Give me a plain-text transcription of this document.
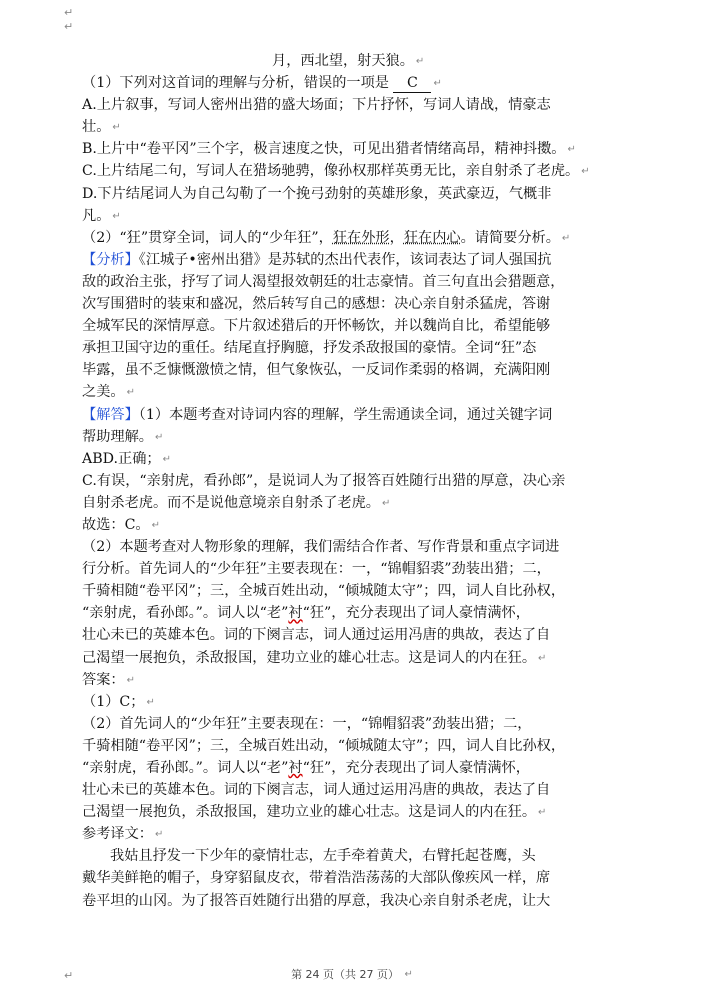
↵
↵
↵
月，西北望，射天狼。 ↵
（1）下列对这首词的理解与分析，错误的一项是 C ↵
A.上片叙事，写词人密州出猎的盛大场面；下片抒怀，写词人请战，情豪志
壮。 ↵
B.上片中“卷平冈”三个字，极言速度之快，可见出猎者情绪高昂，精神抖擞。 ↵
C.上片结尾二句，写词人在猎场驰骋，像孙权那样英勇无比，亲自射杀了老虎。 ↵
D.下片结尾词人为自己勾勒了一个挽弓劲射的英雄形象，英武豪迈，气概非
凡。 ↵
（2）“狂”贯穿全词，词人的“少年狂”，狂在外形，狂在内心。请简要分析。 ↵
【分析】《江城子•密州出猎》是苏轼的杰出代表作，该词表达了词人强国抗
敌的政治主张，抒写了词人渴望报效朝廷的壮志豪情。首三句直出会猎题意，
次写围猎时的装束和盛况，然后转写自己的感想：决心亲自射杀猛虎，答谢
全城军民的深情厚意。下片叙述猎后的开怀畅饮，并以魏尚自比，希望能够
承担卫国守边的重任。结尾直抒胸臆，抒发杀敌报国的豪情。全词“狂”态
毕露，虽不乏慷慨激愤之情，但气象恢弘，一反词作柔弱的格调，充满阳刚
之美。 ↵
【解答】（1）本题考查对诗词内容的理解，学生需通读全词，通过关键字词
帮助理解。 ↵
ABD.正确； ↵
C.有误，“亲射虎，看孙郎”，是说词人为了报答百姓随行出猎的厚意，决心亲
自射杀老虎。而不是说他意境亲自射杀了老虎。 ↵
故选：C。 ↵
（2）本题考查对人物形象的理解，我们需结合作者、写作背景和重点字词进
行分析。首先词人的“少年狂”主要表现在：一，“锦帽貂裘”劲装出猎；二，
千骑相随“卷平冈”；三，全城百姓出动，“倾城随太守”；四，词人自比孙权，
“亲射虎，看孙郎。”。词人以“老”衬“狂”，充分表现出了词人豪情满怀，
壮心未已的英雄本色。词的下阕言志，词人通过运用冯唐的典故，表达了自
己渴望一展抱负，杀敌报国，建功立业的雄心壮志。这是词人的内在狂。 ↵
答案： ↵
（1）C； ↵
（2）首先词人的“少年狂”主要表现在：一，“锦帽貂裘”劲装出猎；二，
千骑相随“卷平冈”；三，全城百姓出动，“倾城随太守”；四，词人自比孙权，
“亲射虎，看孙郎。”。词人以“老”衬“狂”，充分表现出了词人豪情满怀，
壮心未已的英雄本色。词的下阕言志，词人通过运用冯唐的典故，表达了自
己渴望一展抱负，杀敌报国，建功立业的雄心壮志。这是词人的内在狂。 ↵
参考译文： ↵
我姑且抒发一下少年的豪情壮志，左手牵着黄犬，右臂托起苍鹰，头
戴华美鲜艳的帽子，身穿貂鼠皮衣，带着浩浩荡荡的大部队像疾风一样，席
卷平坦的山冈。为了报答百姓随行出猎的厚意，我决心亲自射杀老虎，让大
第 24 页（共 27 页） ↵
